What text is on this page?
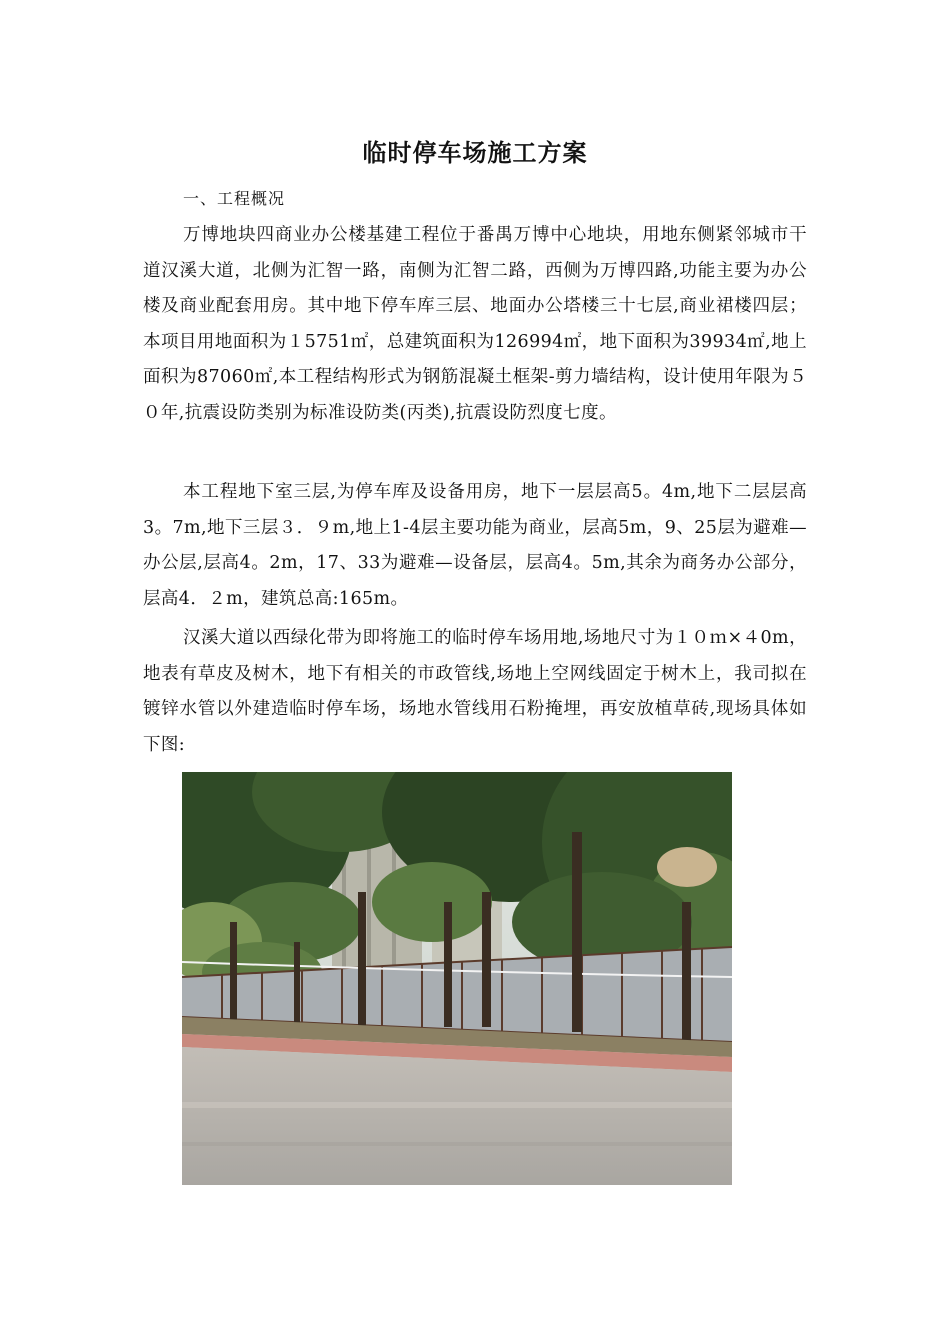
临时停车场施工方案
一、工程概况

万博地块四商业办公楼基建工程位于番禺万博中心地块，用地东侧紧邻城市干道汉溪大道，北侧为汇智一路，南侧为汇智二路，西侧为万博四路,功能主要为办公楼及商业配套用房。其中地下停车库三层、地面办公塔楼三十七层,商业裙楼四层；本项目用地面积为１5751㎡，总建筑面积为126994㎡，地下面积为39934㎡,地上面积为87060㎡,本工程结构形式为钢筋混凝土框架-剪力墙结构，设计使用年限为５０年,抗震设防类别为标准设防类(丙类),抗震设防烈度七度。

本工程地下室三层,为停车库及设备用房，地下一层层高5。4m,地下二层层高3。7m,地下三层３．９m,地上1-4层主要功能为商业，层高5m，9、25层为避难—办公层,层高4。2m，17、33为避难—设备层，层高4。5m,其余为商务办公部分，层高4．２m，建筑总高:165m。

汉溪大道以西绿化带为即将施工的临时停车场用地,场地尺寸为１０ｍ×４0m，地表有草皮及树木，地下有相关的市政管线,场地上空网线固定于树木上，我司拟在镀锌水管以外建造临时停车场，场地水管线用石粉掩埋，再安放植草砖,现场具体如下图:
